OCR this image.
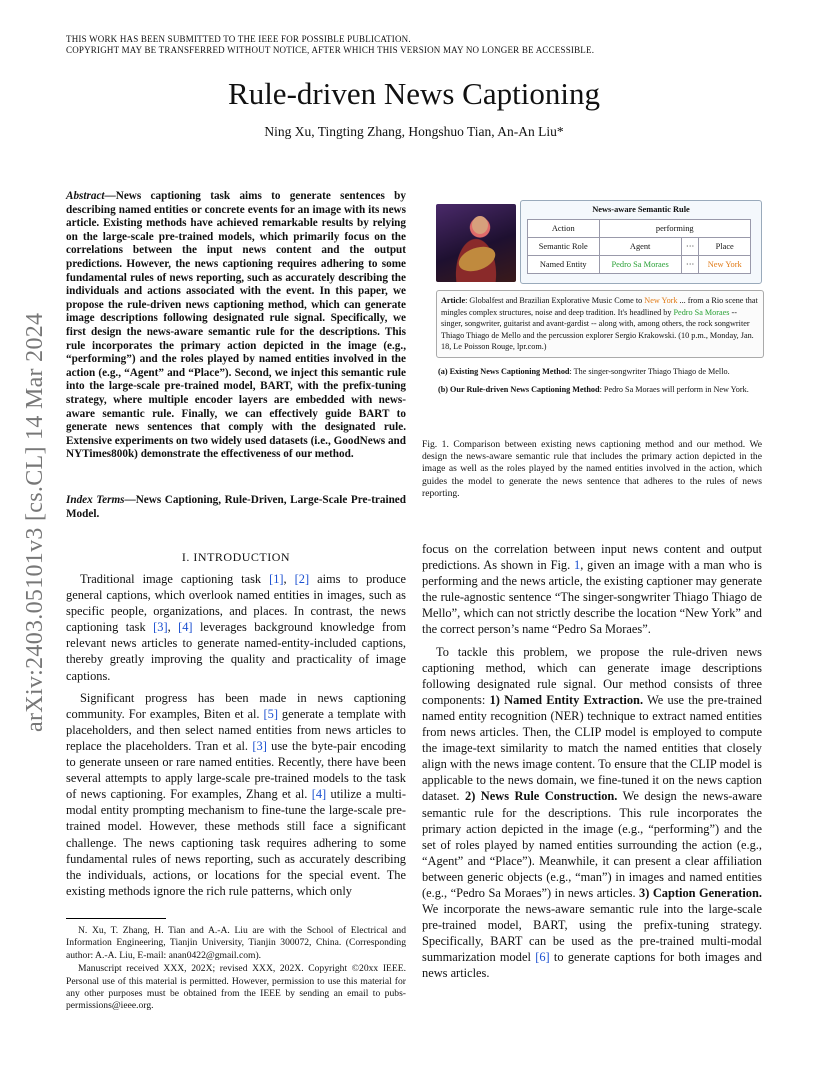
THIS WORK HAS BEEN SUBMITTED TO THE IEEE FOR POSSIBLE PUBLICATION.
COPYRIGHT MAY BE TRANSFERRED WITHOUT NOTICE, AFTER WHICH THIS VERSION MAY NO LONGER BE ACCESSIBLE.
Rule-driven News Captioning
Ning Xu, Tingting Zhang, Hongshuo Tian, An-An Liu*
arXiv:2403.05101v3 [cs.CL] 14 Mar 2024
Abstract—News captioning task aims to generate sentences by describing named entities or concrete events for an image with its news article. Existing methods have achieved remarkable results by relying on the large-scale pre-trained models, which primarily focus on the correlations between the input news content and the output predictions. However, the news captioning requires adhering to some fundamental rules of news reporting, such as accurately describing the individuals and actions associated with the event. In this paper, we propose the rule-driven news captioning method, which can generate image descriptions following designated rule signal. Specifically, we first design the news-aware semantic rule for the descriptions. This rule incorporates the primary action depicted in the image (e.g., “performing”) and the roles played by named entities involved in the action (e.g., “Agent” and “Place”). Second, we inject this semantic rule into the large-scale pre-trained model, BART, with the prefix-tuning strategy, where multiple encoder layers are embedded with news-aware semantic rule. Finally, we can effectively guide BART to generate news sentences that comply with the designated rule. Extensive experiments on two widely used datasets (i.e., GoodNews and NYTimes800k) demonstrate the effectiveness of our method.
Index Terms—News Captioning, Rule-Driven, Large-Scale Pre-trained Model.
I. INTRODUCTION

Traditional image captioning task [1], [2] aims to produce general captions, which overlook named entities in images, such as specific people, organizations, and places. In contrast, the news captioning task [3], [4] leverages background knowledge from relevant news articles to generate named-entity-included captions, thereby greatly improving the quality and practicality of image captions.

Significant progress has been made in news captioning community. For examples, Biten et al. [5] generate a template with placeholders, and then select named entities from news articles to replace the placeholders. Tran et al. [3] use the byte-pair encoding to generate unseen or rare named entities. Recently, there have been several attempts to apply large-scale pre-trained models to the task of news captioning. For examples, Zhang et al. [4] utilize a multi-modal entity prompting mechanism to fine-tune the large-scale pre-trained model. However, these methods still face a significant challenge. The news captioning task requires adhering to some fundamental rules of news reporting, such as accurately describing the individuals, actions, or locations for the special event. The existing methods ignore the rich rule patterns, which only

N. Xu, T. Zhang, H. Tian and A.-A. Liu are with the School of Electrical and Information Engineering, Tianjin University, Tianjin 300072, China. (Corresponding author: A.-A. Liu, E-mail: anan0422@gmail.com).

Manuscript received XXX, 202X; revised XXX, 202X. Copyright ©20xx IEEE. Personal use of this material is permitted. However, permission to use this material for any other purposes must be obtained from the IEEE by sending an email to pubs-permissions@ieee.org.

News-aware Semantic Rule
Action	performing		
Semantic Role	Agent	···	Place
Named Entity	Pedro Sa Moraes	···	New York
Article: Globalfest and Brazilian Explorative Music Come to New York ... from a Rio scene that mingles complex structures, noise and deep tradition. It's headlined by Pedro Sa Moraes -- singer, songwriter, guitarist and avant-gardist -- along with, among others, the rock songwriter Thiago Thiago de Mello and the percussion explorer Sergio Krakowski. (10 p.m., Monday, Jan. 18, Le Poisson Rouge, lpr.com.)
(a) Existing News Captioning Method: The singer-songwriter Thiago Thiago de Mello.
(b) Our Rule-driven News Captioning Method: Pedro Sa Moraes will perform in New York.
Fig. 1. Comparison between existing news captioning method and our method. We design the news-aware semantic rule that includes the primary action depicted in the image as well as the roles played by the named entities involved in the action, which guides the model to generate the news sentence that adheres to the rules of news reporting.

focus on the correlation between input news content and output predictions. As shown in Fig. 1, given an image with a man who is performing and the news article, the existing captioner may generate the rule-agnostic sentence “The singer-songwriter Thiago Thiago de Mello”, which can not strictly describe the location “New York” and the correct person’s name “Pedro Sa Moraes”.

To tackle this problem, we propose the rule-driven news captioning method, which can generate image descriptions following designated rule signal. Our method consists of three components: 1) Named Entity Extraction. We use the pre-trained named entity recognition (NER) technique to extract named entities from news articles. Then, the CLIP model is employed to compute the image-text similarity to match the named entities that closely align with the news image content. To ensure that the CLIP model is applicable to the news domain, we fine-tuned it on the news caption dataset. 2) News Rule Construction. We design the news-aware semantic rule for the descriptions. This rule incorporates the primary action depicted in the image (e.g., “performing”) and the set of roles played by named entities surrounding the action (e.g., “Agent” and “Place”). Meanwhile, it can present a clear affiliation between generic objects (e.g., “man”) in images and named entities (e.g., “Pedro Sa Moraes”) in news articles. 3) Caption Generation. We incorporate the news-aware semantic rule into the large-scale pre-trained model, BART, using the prefix-tuning strategy. Specifically, BART can be used as the pre-trained multi-modal summarization model [6] to generate captions for both images and news articles.
